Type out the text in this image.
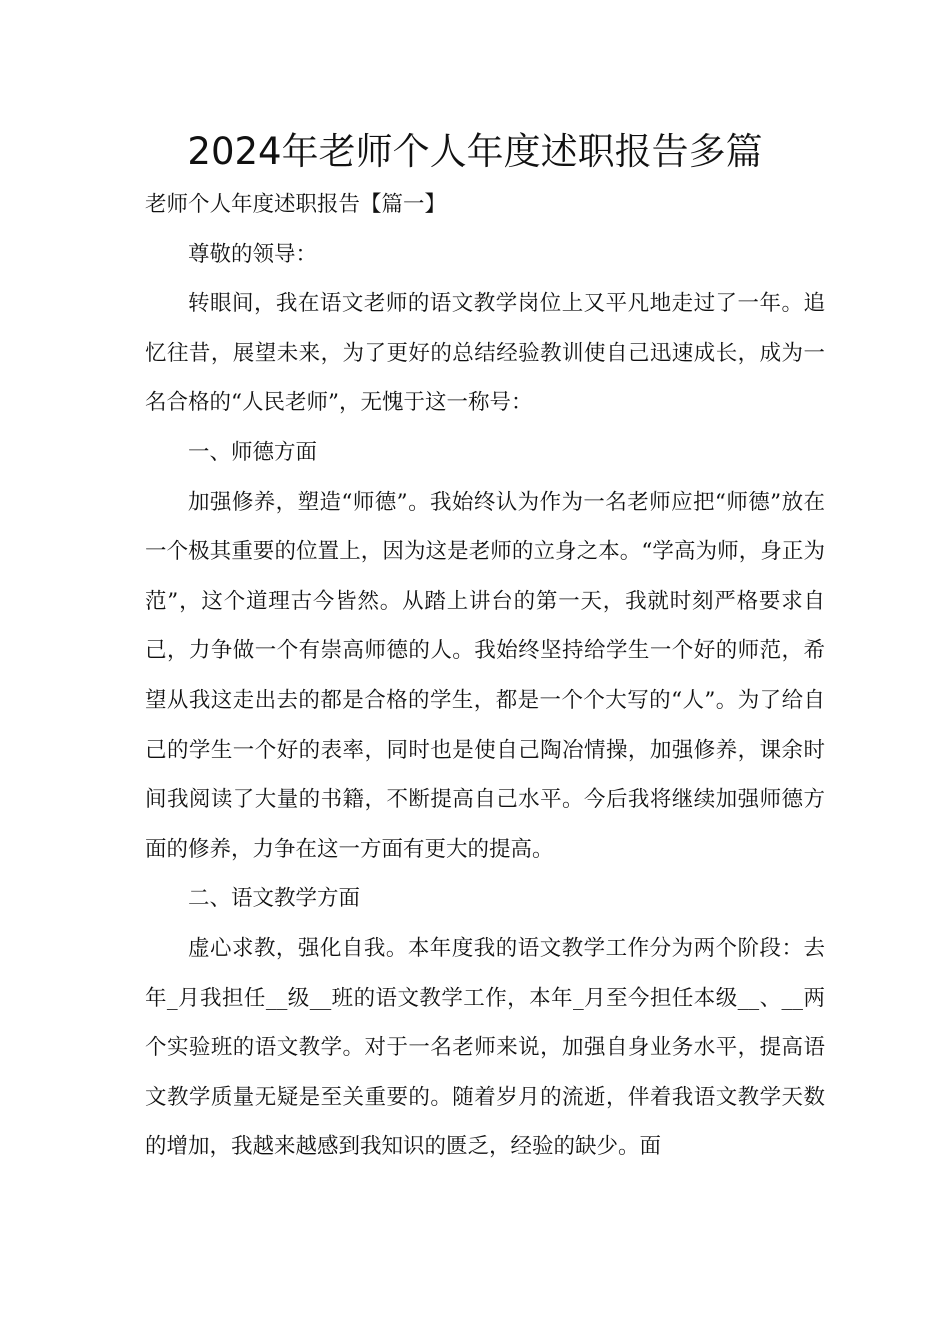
2024年老师个人年度述职报告多篇

老师个人年度述职报告【篇一】

尊敬的领导：

转眼间，我在语文老师的语文教学岗位上又平凡地走过了一年。追忆往昔，展望未来，为了更好的总结经验教训使自己迅速成长，成为一名合格的“人民老师”，无愧于这一称号：

一、师德方面

加强修养，塑造“师德”。我始终认为作为一名老师应把“师德”放在一个极其重要的位置上，因为这是老师的立身之本。“学高为师，身正为范”，这个道理古今皆然。从踏上讲台的第一天，我就时刻严格要求自己，力争做一个有崇高师德的人。我始终坚持给学生一个好的师范，希望从我这走出去的都是合格的学生，都是一个个大写的“人”。为了给自己的学生一个好的表率，同时也是使自己陶冶情操，加强修养，课余时间我阅读了大量的书籍，不断提高自己水平。今后我将继续加强师德方面的修养，力争在这一方面有更大的提高。

二、语文教学方面

虚心求教，强化自我。本年度我的语文教学工作分为两个阶段：去年_月我担任__级__班的语文教学工作，本年_月至今担任本级__、__两个实验班的语文教学。对于一名老师来说，加强自身业务水平，提高语文教学质量无疑是至关重要的。随着岁月的流逝，伴着我语文教学天数的增加，我越来越感到我知识的匮乏，经验的缺少。面
